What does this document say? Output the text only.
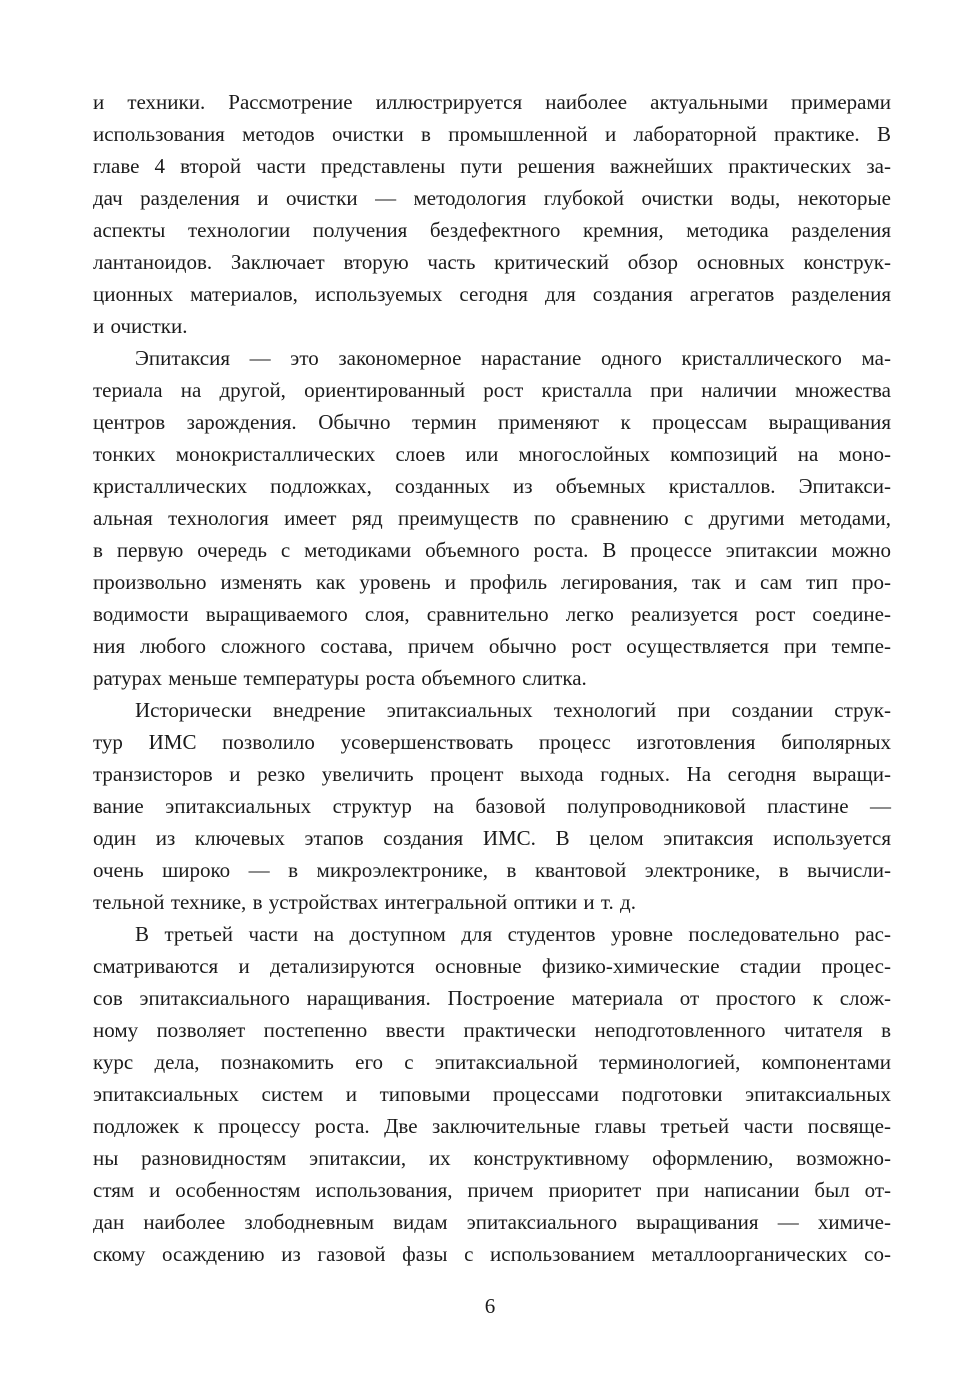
и техники. Рассмотрение иллюстрируется наиболее актуальными примерами
использования методов очистки в промышленной и лабораторной практике. В
главе 4 второй части представлены пути решения важнейших практических за-
дач разделения и очистки — методология глубокой очистки воды, некоторые
аспекты технологии получения бездефектного кремния, методика разделения
лантаноидов. Заключает вторую часть критический обзор основных конструк-
ционных материалов, используемых сегодня для создания агрегатов разделения
и очистки.
Эпитаксия — это закономерное нарастание одного кристаллического ма-
териала на другой, ориентированный рост кристалла при наличии множества
центров зарождения. Обычно термин применяют к процессам выращивания
тонких монокристаллических слоев или многослойных композиций на моно-
кристаллических подложках, созданных из объемных кристаллов. Эпитакси-
альная технология имеет ряд преимуществ по сравнению с другими методами,
в первую очередь с методиками объемного роста. В процессе эпитаксии можно
произвольно изменять как уровень и профиль легирования, так и сам тип про-
водимости выращиваемого слоя, сравнительно легко реализуется рост соедине-
ния любого сложного состава, причем обычно рост осуществляется при темпе-
ратурах меньше температуры роста объемного слитка.
Исторически внедрение эпитаксиальных технологий при создании струк-
тур ИМС позволило усовершенствовать процесс изготовления биполярных
транзисторов и резко увеличить процент выхода годных. На сегодня выращи-
вание эпитаксиальных структур на базовой полупроводниковой пластине —
один из ключевых этапов создания ИМС. В целом эпитаксия используется
очень широко — в микроэлектронике, в квантовой электронике, в вычисли-
тельной технике, в устройствах интегральной оптики и т. д.
В третьей части на доступном для студентов уровне последовательно рас-
сматриваются и детализируются основные физико-химические стадии процес-
сов эпитаксиального наращивания. Построение материала от простого к слож-
ному позволяет постепенно ввести практически неподготовленного читателя в
курс дела, познакомить его с эпитаксиальной терминологией, компонентами
эпитаксиальных систем и типовыми процессами подготовки эпитаксиальных
подложек к процессу роста. Две заключительные главы третьей части посвяще-
ны разновидностям эпитаксии, их конструктивному оформлению, возможно-
стям и особенностям использования, причем приоритет при написании был от-
дан наиболее злободневным видам эпитаксиального выращивания — химиче-
скому осаждению из газовой фазы с использованием металлоорганических со-
6
